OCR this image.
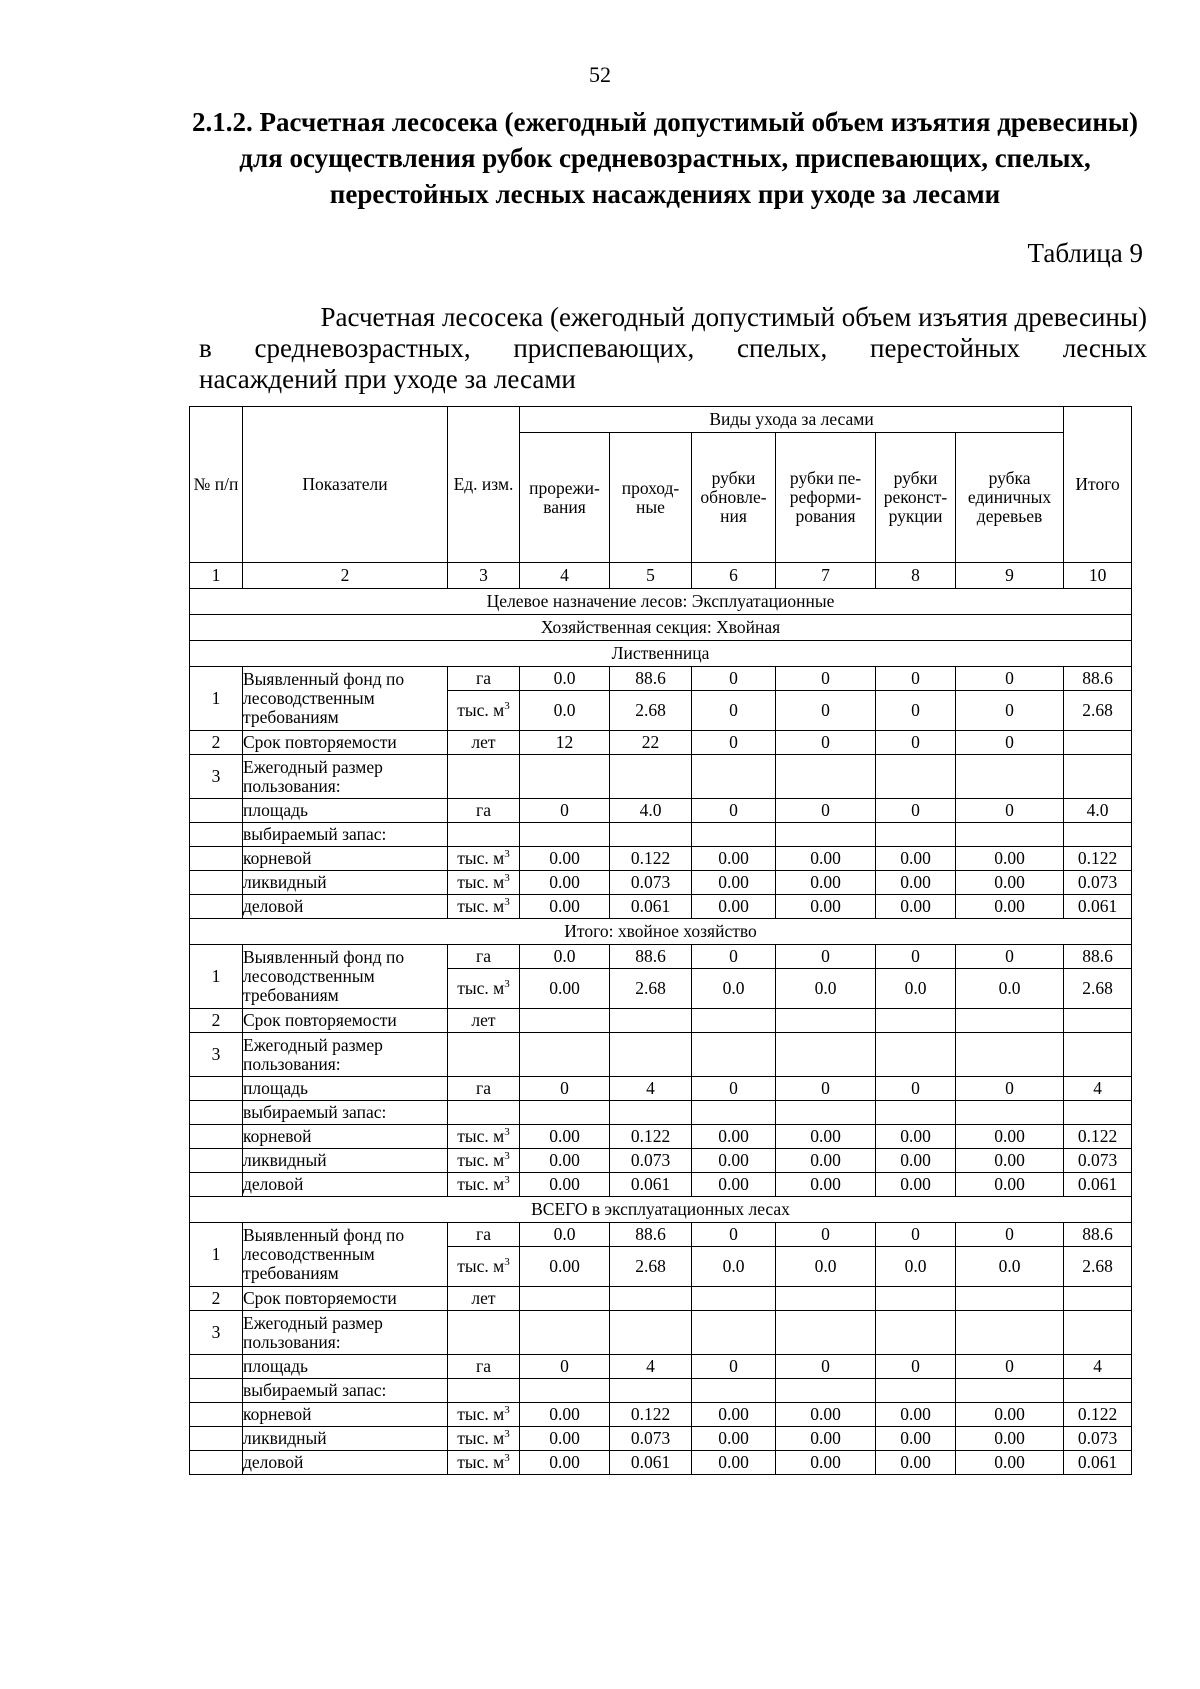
52
2.1.2. Расчетная лесосека (ежегодный допустимый объем изъятия древесины) для осуществления рубок средневозрастных, приспевающих, спелых, перестойных лесных насаждениях при уходе за лесами
Таблица 9
Расчетная лесосека (ежегодный допустимый объем изъятия древесины)
в средневозрастных, приспевающих, спелых, перестойных лесных
насаждений при уходе за лесами
№ п/п	Показатели	Ед. изм.	Виды ухода за лесами						Итого
			прорежи-вания	проход-ные	рубки обновле-ния	рубки пе-реформи-рования	рубки реконст-рукции	рубка единичных деревьев	
1	2	3	4	5	6	7	8	9	10
Целевое назначение лесов: Эксплуатационные									
Хозяйственная секция: Хвойная									
Лиственница									
1	Выявленный фонд по лесоводственным требованиям	га	0.0	88.6	0	0	0	0	88.6
		тыс. $м^3$	0.0	2.68	0	0	0	0	2.68
2	Срок повторяемости	лет	12	22	0	0	0	0	
3	Ежегодный размер пользования:								
	площадь	га	0	4.0	0	0	0	0	4.0
	выбираемый запас:								
	корневой	тыс. $м^3$	0.00	0.122	0.00	0.00	0.00	0.00	0.122
	ликвидный	тыс. $м^3$	0.00	0.073	0.00	0.00	0.00	0.00	0.073
	деловой	тыс. $м^3$	0.00	0.061	0.00	0.00	0.00	0.00	0.061
Итого: хвойное хозяйство									
1	Выявленный фонд по лесоводственным требованиям	га	0.0	88.6	0	0	0	0	88.6
		тыс. $м^3$	0.00	2.68	0.0	0.0	0.0	0.0	2.68
2	Срок повторяемости	лет							
3	Ежегодный размер пользования:								
	площадь	га	0	4	0	0	0	0	4
	выбираемый запас:								
	корневой	тыс. $м^3$	0.00	0.122	0.00	0.00	0.00	0.00	0.122
	ликвидный	тыс. $м^3$	0.00	0.073	0.00	0.00	0.00	0.00	0.073
	деловой	тыс. $м^3$	0.00	0.061	0.00	0.00	0.00	0.00	0.061
ВСЕГО в эксплуатационных лесах									
1	Выявленный фонд по лесоводственным требованиям	га	0.0	88.6	0	0	0	0	88.6
		тыс. $м^3$	0.00	2.68	0.0	0.0	0.0	0.0	2.68
2	Срок повторяемости	лет							
3	Ежегодный размер пользования:								
	площадь	га	0	4	0	0	0	0	4
	выбираемый запас:								
	корневой	тыс. $м^3$	0.00	0.122	0.00	0.00	0.00	0.00	0.122
	ликвидный	тыс. $м^3$	0.00	0.073	0.00	0.00	0.00	0.00	0.073
	деловой	тыс. $м^3$	0.00	0.061	0.00	0.00	0.00	0.00	0.061
